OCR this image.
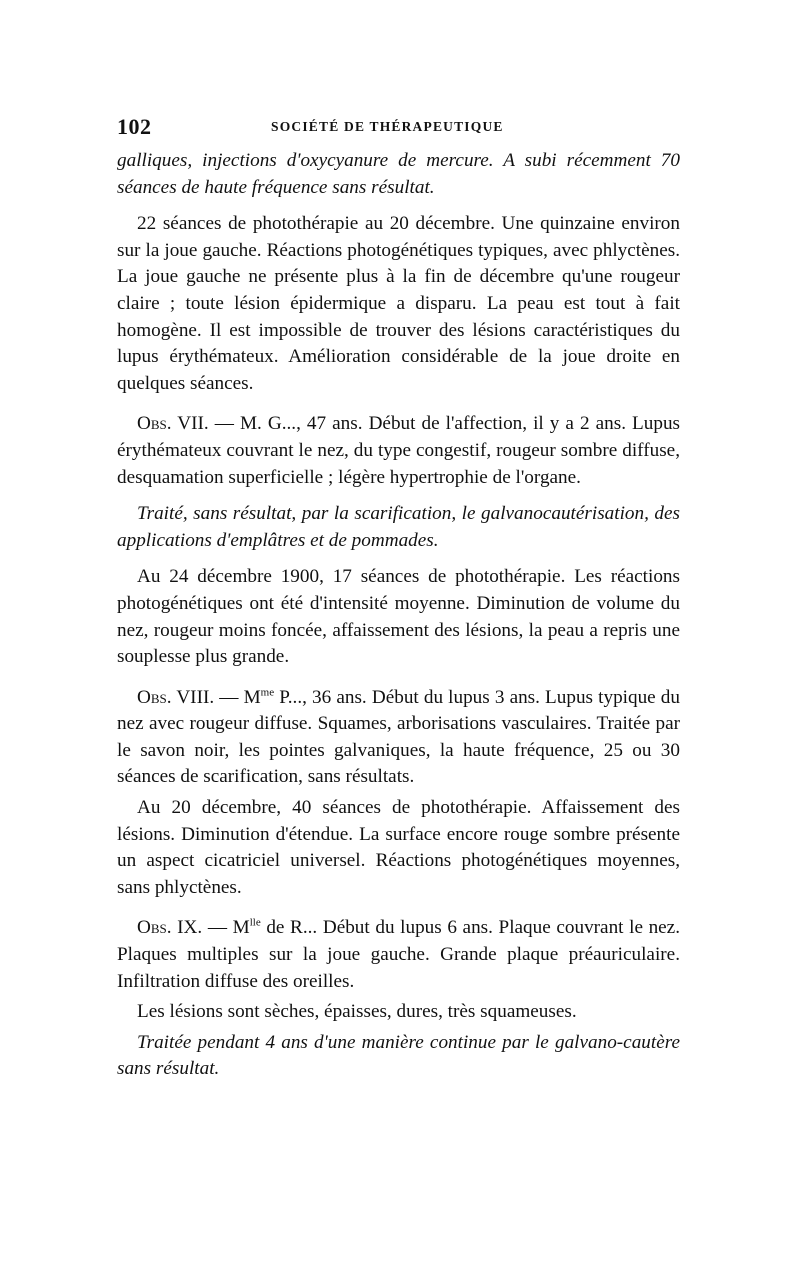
102	SOCIÉTÉ DE THÉRAPEUTIQUE

galliques, injections d'oxycyanure de mercure. A subi récemment 70 séances de haute fréquence sans résultat.

22 séances de photothérapie au 20 décembre. Une quinzaine environ sur la joue gauche. Réactions photogénétiques typiques, avec phlyctènes. La joue gauche ne présente plus à la fin de décembre qu'une rougeur claire ; toute lésion épidermique a disparu. La peau est tout à fait homogène. Il est impossible de trouver des lésions caractéristiques du lupus érythémateux. Amélioration considérable de la joue droite en quelques séances.

Obs. VII. — M. G..., 47 ans. Début de l'affection, il y a 2 ans. Lupus érythémateux couvrant le nez, du type congestif, rougeur sombre diffuse, desquamation superficielle ; légère hypertrophie de l'organe.

Traité, sans résultat, par la scarification, le galvanocautérisation, des applications d'emplâtres et de pommades.

Au 24 décembre 1900, 17 séances de photothérapie. Les réactions photogénétiques ont été d'intensité moyenne. Diminution de volume du nez, rougeur moins foncée, affaissement des lésions, la peau a repris une souplesse plus grande.

Obs. VIII. — $M^{me}$ P..., 36 ans. Début du lupus 3 ans. Lupus typique du nez avec rougeur diffuse. Squames, arborisations vasculaires. Traitée par le savon noir, les pointes galvaniques, la haute fréquence, 25 ou 30 séances de scarification, sans résultats.

Au 20 décembre, 40 séances de photothérapie. Affaissement des lésions. Diminution d'étendue. La surface encore rouge sombre présente un aspect cicatriciel universel. Réactions photogénétiques moyennes, sans phlyctènes.

Obs. IX. — $M^{lle}$ de R... Début du lupus 6 ans. Plaque couvrant le nez. Plaques multiples sur la joue gauche. Grande plaque préauriculaire. Infiltration diffuse des oreilles.

Les lésions sont sèches, épaisses, dures, très squameuses.

Traitée pendant 4 ans d'une manière continue par le galvano-cautère sans résultat.
